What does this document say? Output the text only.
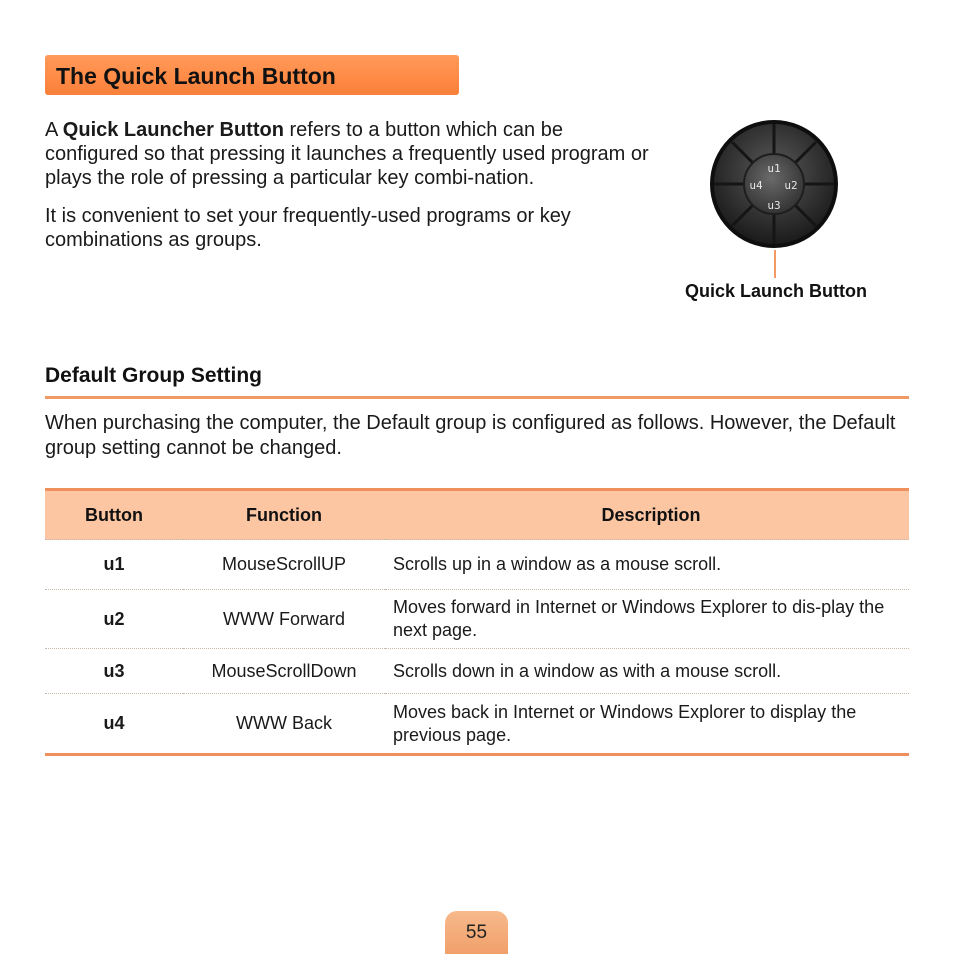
The Quick Launch Button

A Quick Launcher Button refers to a button which can be configured so that pressing it launches a frequently used program or plays the role of pressing a particular key combi-nation.

It is convenient to set your frequently-used programs or key combinations as groups.

u1
u2
u3
u4
Quick Launch Button
Default Group Setting

When purchasing the computer, the Default group is configured as follows. However, the Default group setting cannot be changed.

Button	Function	Description
u1	MouseScrollUP	Scrolls up in a window as a mouse scroll.
u2	WWW Forward	Moves forward in Internet or Windows Explorer to dis-play the next page.
u3	MouseScrollDown	Scrolls down in a window as with a mouse scroll.
u4	WWW Back	Moves back in Internet or Windows Explorer to display the previous page.
55
